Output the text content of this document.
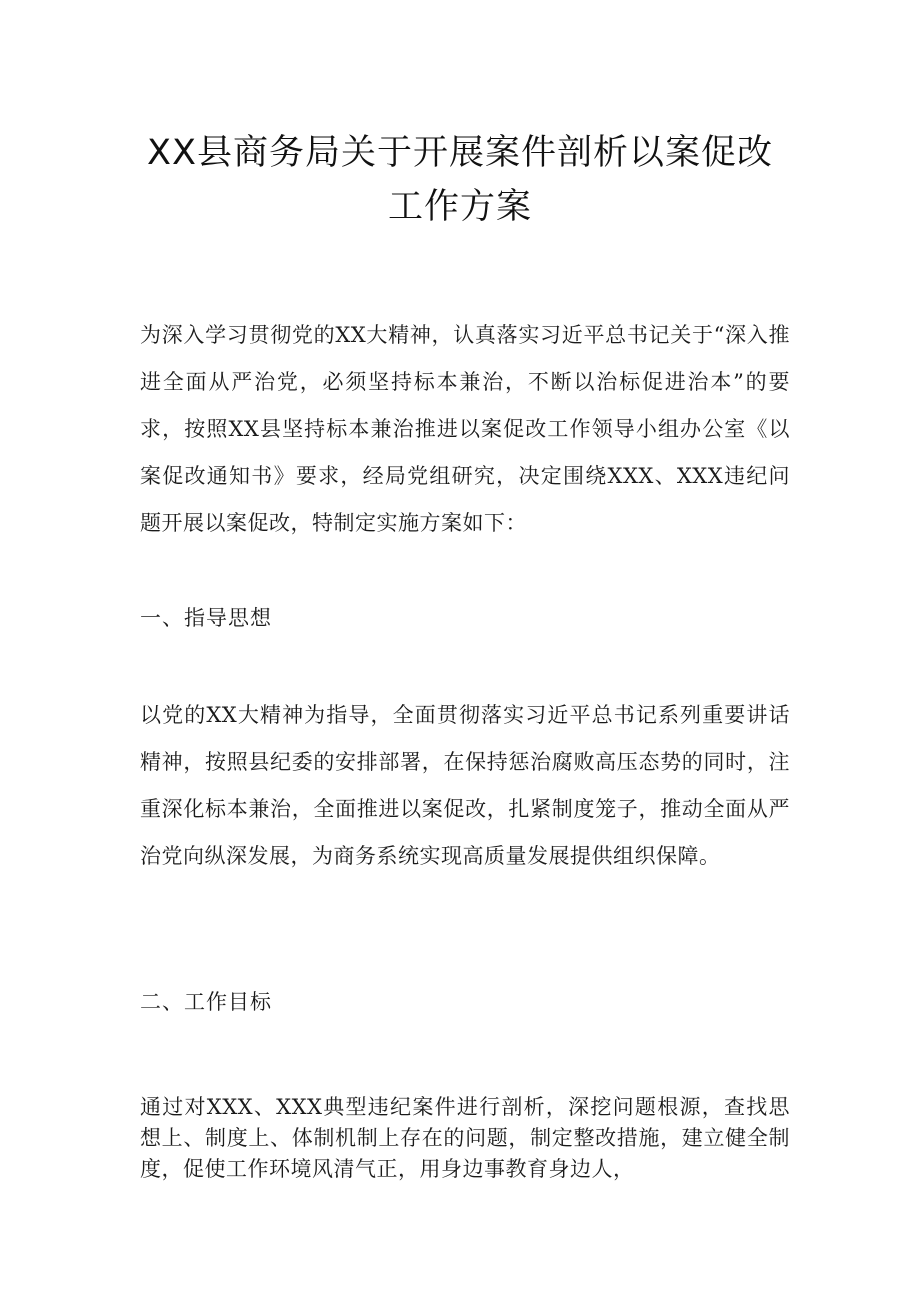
XX县商务局关于开展案件剖析以案促改工作方案
为深入学习贯彻党的XX大精神，认真落实习近平总书记关于“深入推进全面从严治党，必须坚持标本兼治，不断以治标促进治本”的要求，按照XX县坚持标本兼治推进以案促改工作领导小组办公室《以案促改通知书》要求，经局党组研究，决定围绕XXX、XXX违纪问题开展以案促改，特制定实施方案如下：
一、指导思想
以党的XX大精神为指导，全面贯彻落实习近平总书记系列重要讲话精神，按照县纪委的安排部署，在保持惩治腐败高压态势的同时，注重深化标本兼治，全面推进以案促改，扎紧制度笼子，推动全面从严治党向纵深发展，为商务系统实现高质量发展提供组织保障。
二、工作目标
通过对XXX、XXX典型违纪案件进行剖析，深挖问题根源，查找思想上、制度上、体制机制上存在的问题，制定整改措施，建立健全制度，促使工作环境风清气正，用身边事教育身边人，
